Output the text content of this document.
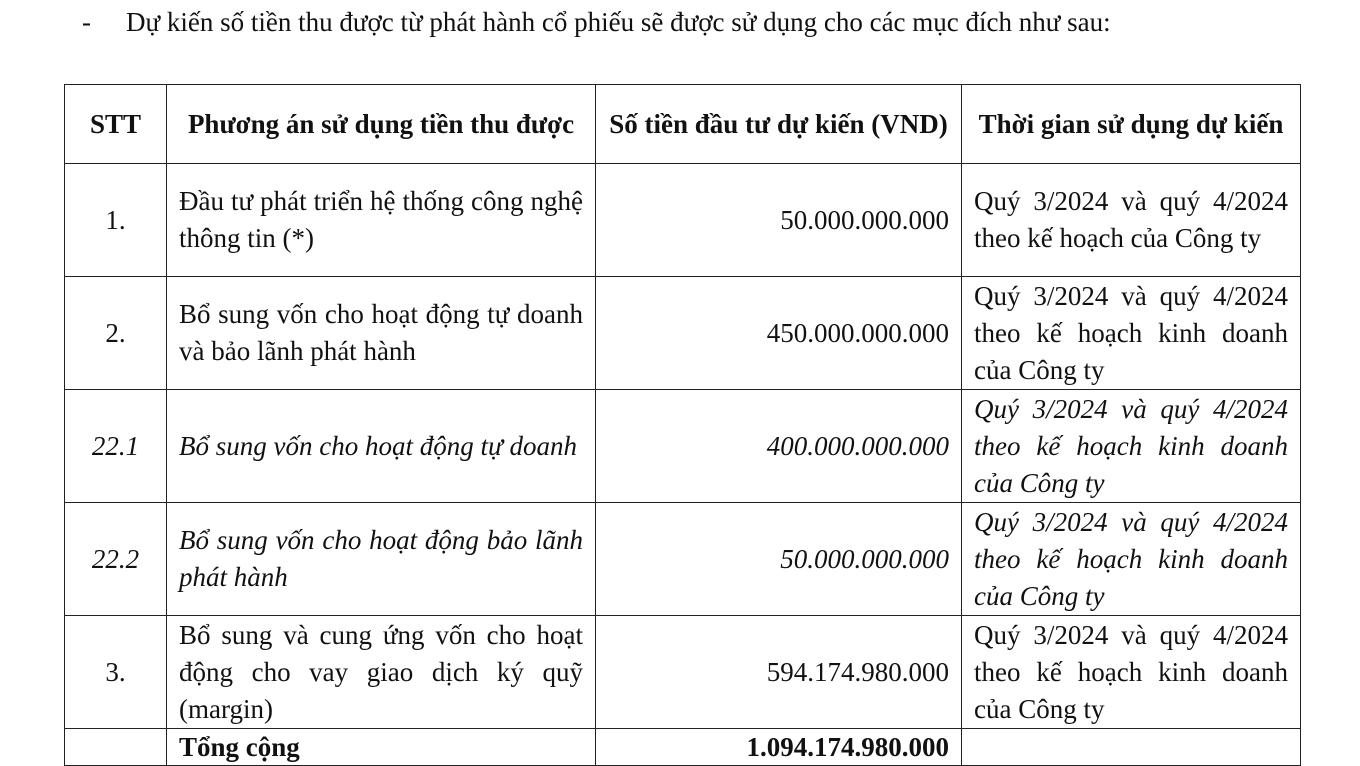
-	Dự kiến số tiền thu được từ phát hành cổ phiếu sẽ được sử dụng cho các mục đích như sau:
STT	Phương án sử dụng tiền thu được	Số tiền đầu tư dự kiến (VND)	Thời gian sử dụng dự kiến
1.	Đầu tư phát triển hệ thống công nghệ thông tin (*)	50.000.000.000	Quý 3/2024 và quý 4/2024 theo kế hoạch của Công ty
2.	Bổ sung vốn cho hoạt động tự doanh và bảo lãnh phát hành	450.000.000.000	Quý 3/2024 và quý 4/2024 theo kế hoạch kinh doanh của Công ty
22.1	Bổ sung vốn cho hoạt động tự doanh	400.000.000.000	Quý 3/2024 và quý 4/2024 theo kế hoạch kinh doanh của Công ty
22.2	Bổ sung vốn cho hoạt động bảo lãnh phát hành	50.000.000.000	Quý 3/2024 và quý 4/2024 theo kế hoạch kinh doanh của Công ty
3.	Bổ sung và cung ứng vốn cho hoạt động cho vay giao dịch ký quỹ (margin)	594.174.980.000	Quý 3/2024 và quý 4/2024 theo kế hoạch kinh doanh của Công ty
	Tổng cộng	1.094.174.980.000	
